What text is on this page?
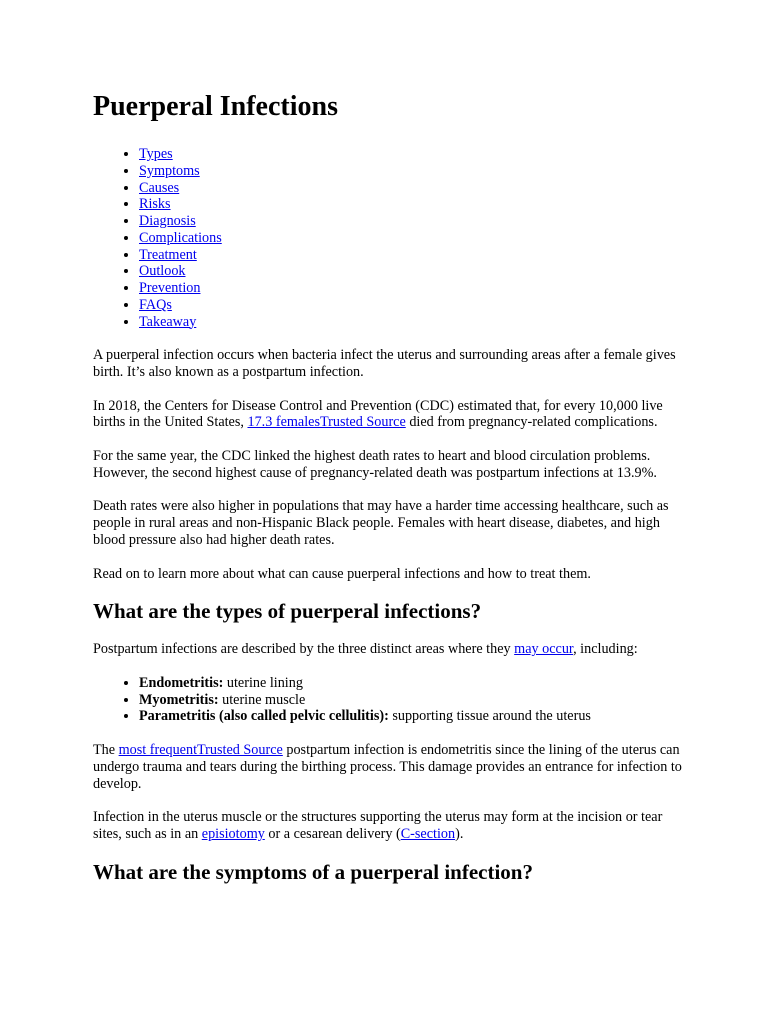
Puerperal Infections
• Types
• Symptoms
• Causes
• Risks
• Diagnosis
• Complications
• Treatment
• Outlook
• Prevention
• FAQs
• Takeaway

A puerperal infection occurs when bacteria infect the uterus and surrounding areas after a female gives birth. It’s also known as a postpartum infection.

In 2018, the Centers for Disease Control and Prevention (CDC) estimated that, for every 10,000 live births in the United States, 17.3 femalesTrusted Source died from pregnancy-related complications.

For the same year, the CDC linked the highest death rates to heart and blood circulation problems. However, the second highest cause of pregnancy-related death was postpartum infections at 13.9%.

Death rates were also higher in populations that may have a harder time accessing healthcare, such as people in rural areas and non-Hispanic Black people. Females with heart disease, diabetes, and high blood pressure also had higher death rates.

Read on to learn more about what can cause puerperal infections and how to treat them.

What are the types of puerperal infections?

Postpartum infections are described by the three distinct areas where they may occur, including:

• Endometritis: uterine lining
• Myometritis: uterine muscle
• Parametritis (also called pelvic cellulitis): supporting tissue around the uterus

The most frequentTrusted Source postpartum infection is endometritis since the lining of the uterus can undergo trauma and tears during the birthing process. This damage provides an entrance for infection to develop.

Infection in the uterus muscle or the structures supporting the uterus may form at the incision or tear sites, such as in an episiotomy or a cesarean delivery (C-section).

What are the symptoms of a puerperal infection?
